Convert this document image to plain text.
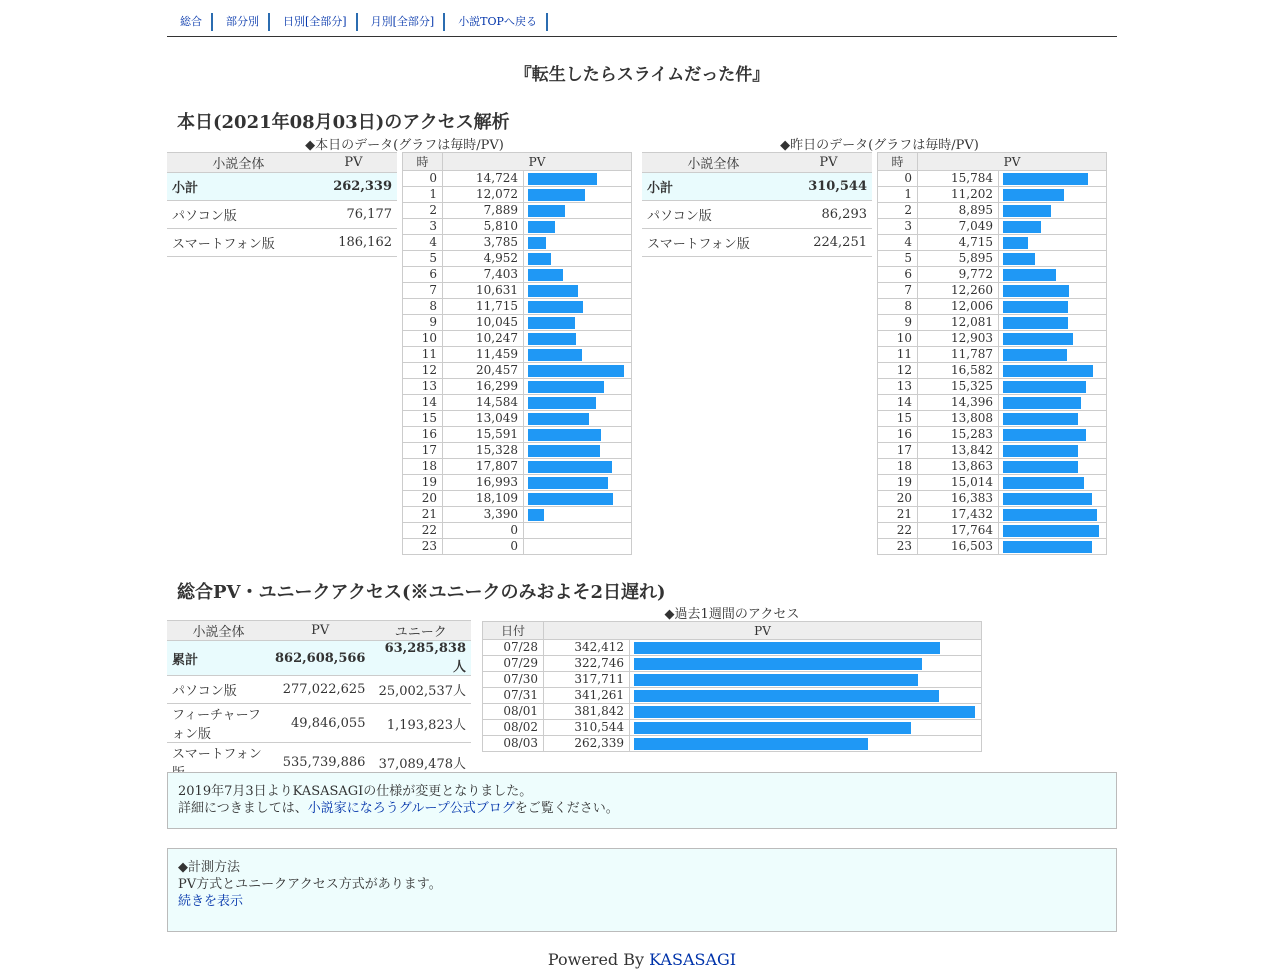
総合 部分別 日別[全部分] 月別[全部分] 小説TOPへ戻る
『転生したらスライムだった件』
本日(2021年08月03日)のアクセス解析
◆本日のデータ(グラフは毎時/PV)
小説全体	PV
小計	262,339
パソコン版	76,177
スマートフォン版	186,162
時	PV	
0	14,724	

1	12,072	

2	7,889	

3	5,810	

4	3,785	

5	4,952	

6	7,403	

7	10,631	

8	11,715	

9	10,045	

10	10,247	

11	11,459	

12	20,457	

13	16,299	

14	14,584	

15	13,049	

16	15,591	

17	15,328	

18	17,807	

19	16,993	

20	18,109	

21	3,390	

22	0	

23	0	
◆昨日のデータ(グラフは毎時/PV)
小説全体	PV
小計	310,544
パソコン版	86,293
スマートフォン版	224,251
時	PV	
0	15,784	

1	11,202	

2	8,895	

3	7,049	

4	4,715	

5	5,895	

6	9,772	

7	12,260	

8	12,006	

9	12,081	

10	12,903	

11	11,787	

12	16,582	

13	15,325	

14	14,396	

15	13,808	

16	15,283	

17	13,842	

18	13,863	

19	15,014	

20	16,383	

21	17,432	

22	17,764	

23	16,503	
総合PV・ユニークアクセス(※ユニークのみおよそ2日遅れ)
小説全体	PV	ユニーク
累計	862,608,566	63,285,838人
パソコン版	277,022,625	25,002,537人
フィーチャーフォン版	49,846,055	1,193,823人
スマートフォン	535,739,886	37,089,478人
◆過去1週間のアクセス
日付	PV	
07/28	342,412	

07/29	322,746	

07/30	317,711	

07/31	341,261	

08/01	381,842	

08/02	310,544	

08/03	262,339	
2019年7月3日よりKASASAGIの仕様が変更となりました。
詳細につきましては、小説家になろうグループ公式ブログをご覧ください。
◆計測方法
PV方式とユニークアクセス方式があります。
続きを表示
Powered By KASASAGI
